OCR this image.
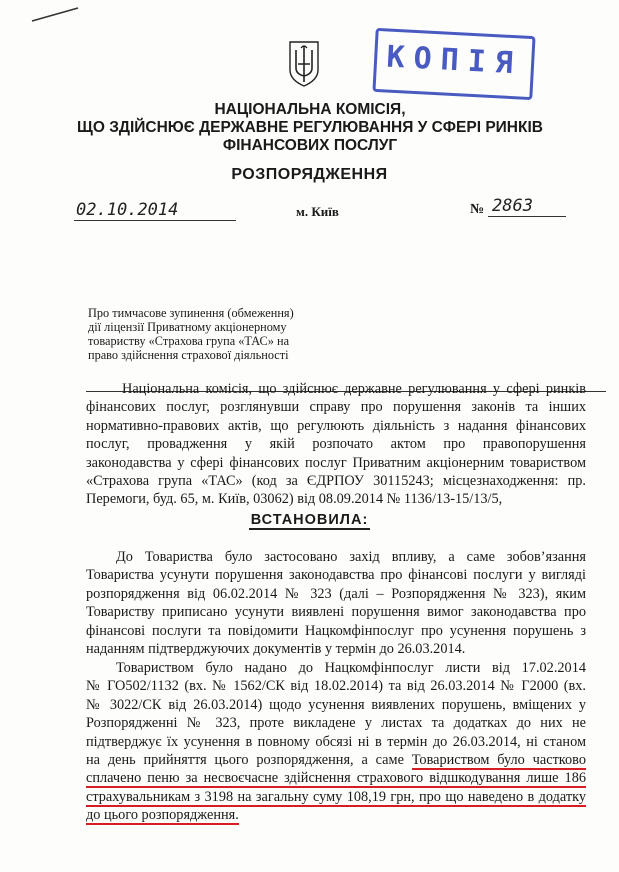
КОПІЯ
НАЦІОНАЛЬНА КОМІСІЯ,
ЩО ЗДІЙСНЮЄ ДЕРЖАВНЕ РЕГУЛЮВАННЯ У СФЕРІ РИНКІВ
ФІНАНСОВИХ ПОСЛУГ
РОЗПОРЯДЖЕННЯ
02.10.2014	м. Київ	№ 2863
Про тимчасове зупинення (обмеження)
дії ліцензії Приватному акціонерному
товариству «Страхова група «ТАС» на
право здійснення страхової діяльності
Національна комісія, що здійснює державне регулювання у сфері ринків
фінансових послуг, розглянувши справу про порушення законів та інших
нормативно-правових актів, що регулюють діяльність з надання фінансових
послуг, провадження у якій розпочато актом про правопорушення
законодавства у сфері фінансових послуг Приватним акціонерним товариством
«Страхова група «ТАС» (код за ЄДРПОУ 30115243; місцезнаходження: пр.
Перемоги, буд. 65, м. Київ, 03062) від 08.09.2014 № 1136/13-15/13/5,
ВСТАНОВИЛА:
До Товариства було застосовано захід впливу, а саме зобов’язання
Товариства усунути порушення законодавства про фінансові послуги у вигляді
розпорядження від 06.02.2014 № 323 (далі – Розпорядження № 323), яким
Товариству приписано усунути виявлені порушення вимог законодавства про
фінансові послуги та повідомити Нацкомфінпослуг про усунення порушень з
наданням підтверджуючих документів у термін до 26.03.2014.
Товариством було надано до Нацкомфінпослуг листи від 17.02.2014
№ ГО502/1132 (вх. № 1562/СК від 18.02.2014) та від 26.03.2014 № Г2000 (вх.
№ 3022/СК від 26.03.2014) щодо усунення виявлених порушень, вміщених у
Розпорядженні № 323, проте викладене у листах та додатках до них не
підтверджує їх усунення в повному обсязі ні в термін до 26.03.2014, ні станом
на день прийняття цього розпорядження, а саме Товариством було частково
сплачено пеню за несвоєчасне здійснення страхового відшкодування лише 186
страхувальникам з 3198 на загальну суму 108,19 грн, про що наведено в додатку
до цього розпорядження.
